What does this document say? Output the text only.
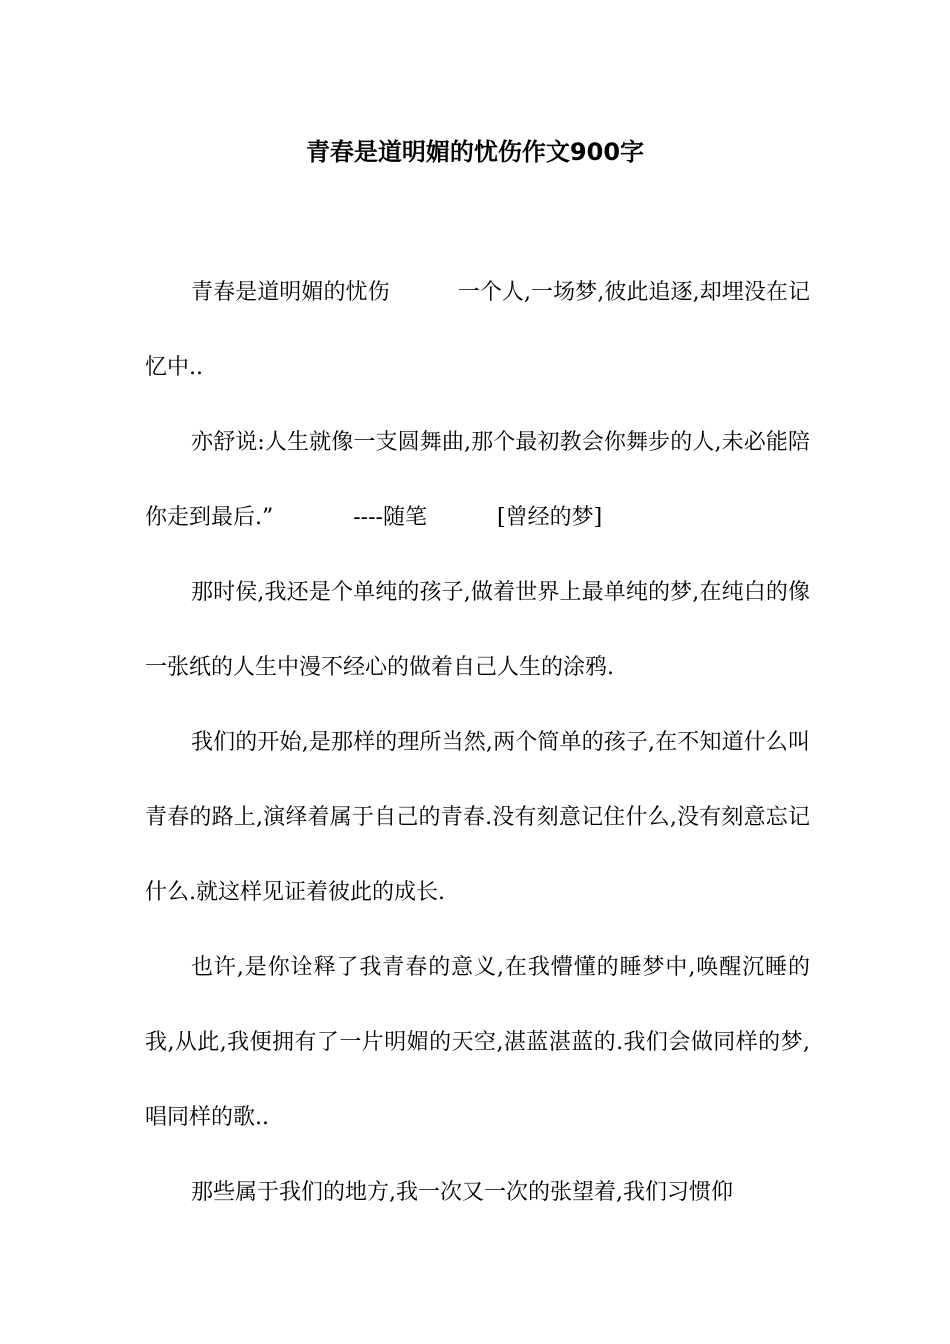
青春是道明媚的忧伤作文900字

青春是道明媚的忧伤	一个人,一场梦,彼此追逐,却埋没在记忆中..

亦舒说:人生就像一支圆舞曲,那个最初教会你舞步的人,未必能陪你走到最后.”	----随笔	[曾经的梦]

那时侯,我还是个单纯的孩子,做着世界上最单纯的梦,在纯白的像一张纸的人生中漫不经心的做着自己人生的涂鸦.

我们的开始,是那样的理所当然,两个简单的孩子,在不知道什么叫青春的路上,演绎着属于自己的青春.没有刻意记住什么,没有刻意忘记什么.就这样见证着彼此的成长.

也许,是你诠释了我青春的意义,在我懵懂的睡梦中,唤醒沉睡的我,从此,我便拥有了一片明媚的天空,湛蓝湛蓝的.我们会做同样的梦,唱同样的歌..

那些属于我们的地方,我一次又一次的张望着,我们习惯仰
